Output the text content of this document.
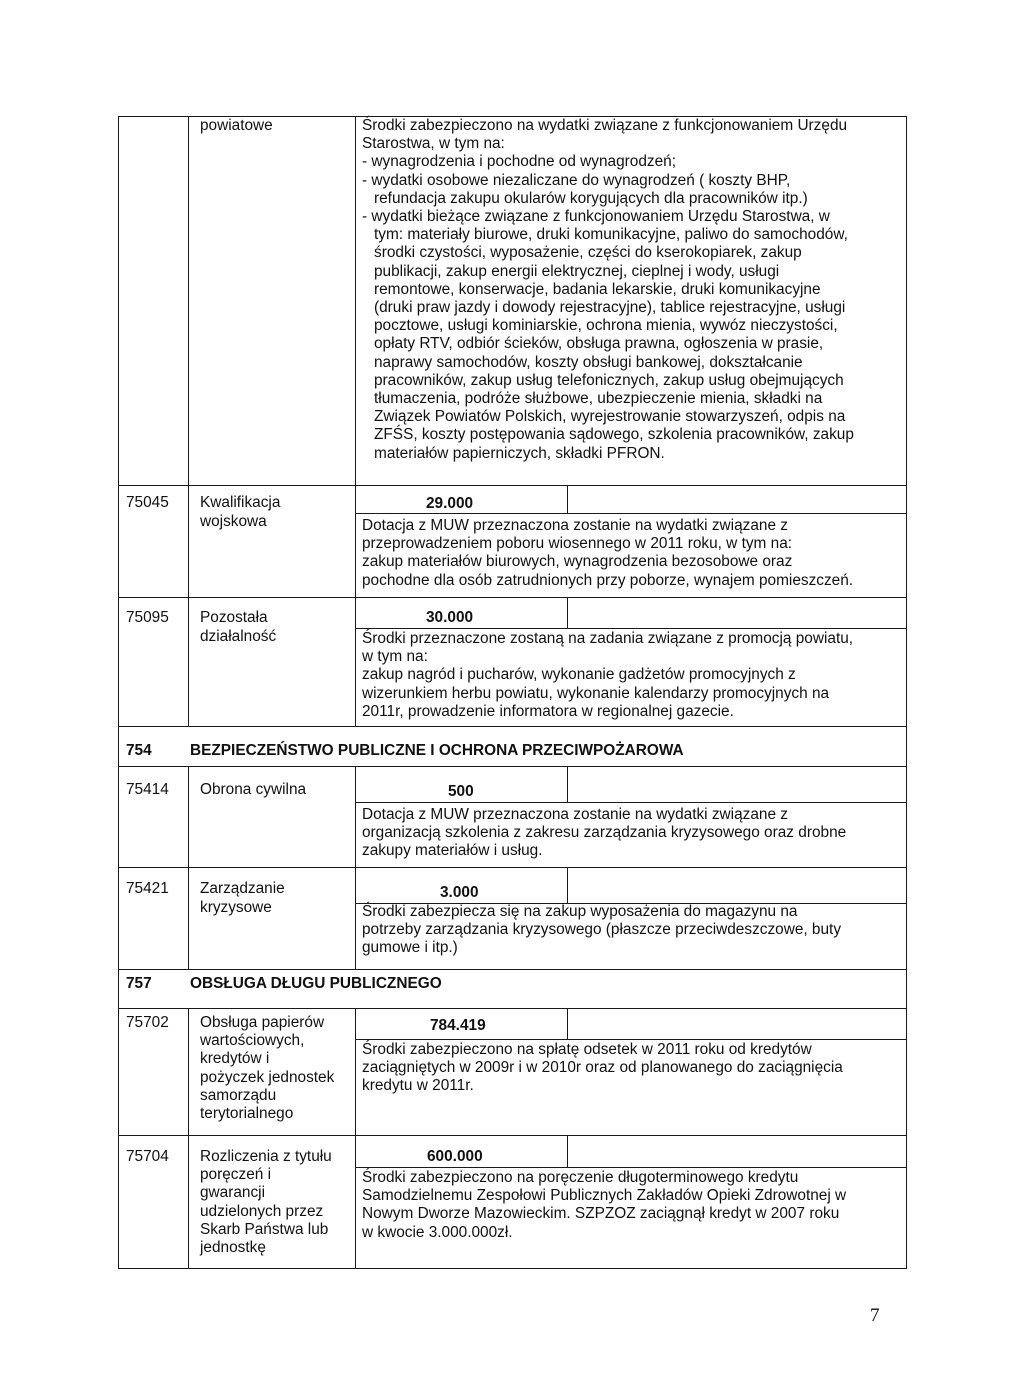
powiatowe	Środki zabezpieczono na wydatki związane z funkcjonowaniem Urzędu
Starostwa, w tym na:
- wynagrodzenia i pochodne od wynagrodzeń;
- wydatki osobowe niezaliczane do wynagrodzeń ( koszty BHP,
refundacja zakupu okularów korygujących dla pracowników itp.)
- wydatki bieżące związane z funkcjonowaniem Urzędu Starostwa, w
tym: materiały biurowe, druki komunikacyjne, paliwo do samochodów,
środki czystości, wyposażenie, części do kserokopiarek, zakup
publikacji, zakup energii elektrycznej, cieplnej i wody, usługi
remontowe, konserwacje, badania lekarskie, druki komunikacyjne
(druki praw jazdy i dowody rejestracyjne), tablice rejestracyjne, usługi
pocztowe, usługi kominiarskie, ochrona mienia, wywóz nieczystości,
opłaty RTV, odbiór ścieków, obsługa prawna, ogłoszenia w prasie,
naprawy samochodów, koszty obsługi bankowej, dokształcanie
pracowników, zakup usług telefonicznych, zakup usług obejmujących
tłumaczenia, podróże służbowe, ubezpieczenie mienia, składki na
Związek Powiatów Polskich, wyrejestrowanie stowarzyszeń, odpis na
ZFŚS, koszty postępowania sądowego, szkolenia pracowników, zakup
materiałów papierniczych, składki PFRON.
75045 Kwalifikacja
wojskowa
29.000
Dotacja z MUW przeznaczona zostanie na wydatki związane z
przeprowadzeniem poboru wiosennego w 2011 roku, w tym na:
zakup materiałów biurowych, wynagrodzenia bezosobowe oraz
pochodne dla osób zatrudnionych przy poborze, wynajem pomieszczeń.
75095 Pozostała
działalność
30.000
Środki przeznaczone zostaną na zadania związane z promocją powiatu,
w tym na:
zakup nagród i pucharów, wykonanie gadżetów promocyjnych z
wizerunkiem herbu powiatu, wykonanie kalendarzy promocyjnych na
2011r, prowadzenie informatora w regionalnej gazecie.
754 BEZPIECZEŃSTWO PUBLICZNE I OCHRONA PRZECIWPOŻAROWA
75414 Obrona cywilna	500
Dotacja z MUW przeznaczona zostanie na wydatki związane z
organizacją szkolenia z zakresu zarządzania kryzysowego oraz drobne
zakupy materiałów i usług.
75421 Zarządzanie
kryzysowe
3.000
Środki zabezpiecza się na zakup wyposażenia do magazynu na
potrzeby zarządzania kryzysowego (płaszcze przeciwdeszczowe, buty
gumowe i itp.)
757 OBSŁUGA DŁUGU PUBLICZNEGO
75702 Obsługa papierów
wartościowych,
kredytów i
pożyczek jednostek
samorządu
terytorialnego
784.419
Środki zabezpieczono na spłatę odsetek w 2011 roku od kredytów
zaciągniętych w 2009r i w 2010r oraz od planowanego do zaciągnięcia
kredytu w 2011r.
75704 Rozliczenia z tytułu
poręczeń i
gwarancji
udzielonych przez
Skarb Państwa lub
jednostkę
600.000
Środki zabezpieczono na poręczenie długoterminowego kredytu
Samodzielnemu Zespołowi Publicznych Zakładów Opieki Zdrowotnej w
Nowym Dworze Mazowieckim. SZPZOZ zaciągnął kredyt w 2007 roku
w kwocie 3.000.000zł.
7
